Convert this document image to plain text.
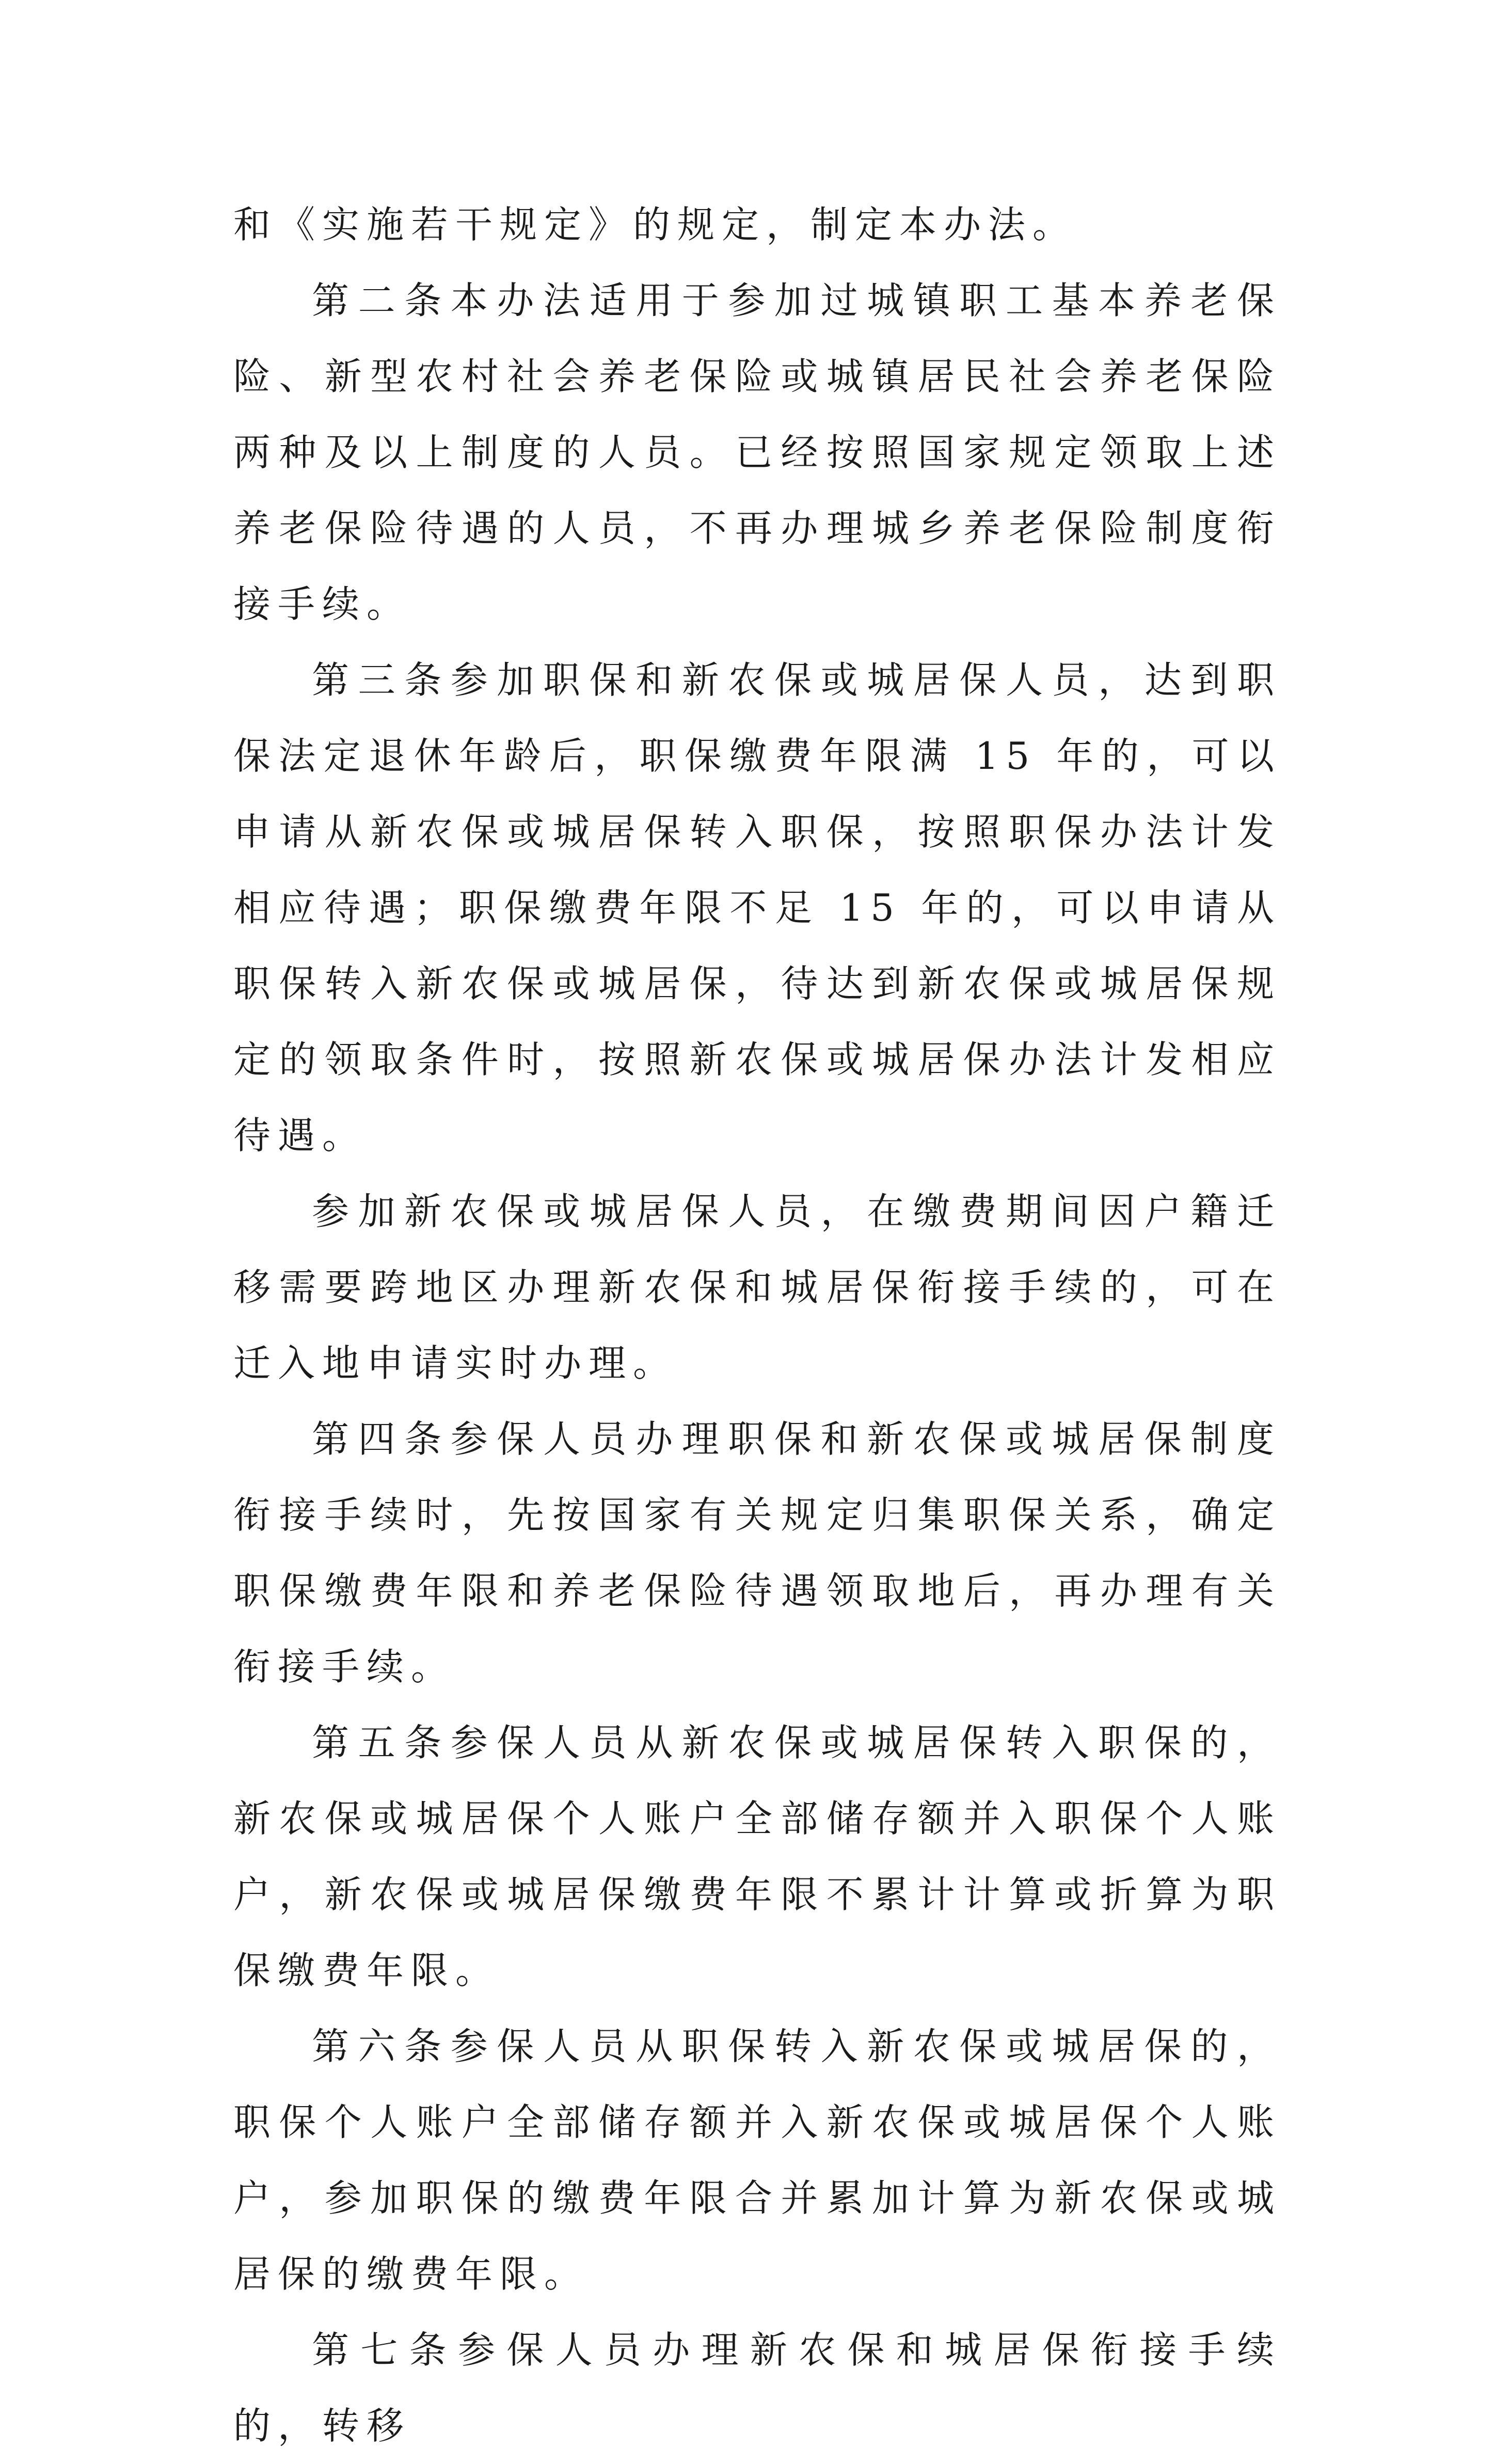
和《实施若干规定》的规定，制定本办法。

第二条本办法适用于参加过城镇职工基本养老保险、新型农村社会养老保险或城镇居民社会养老保险两种及以上制度的人员。已经按照国家规定领取上述养老保险待遇的人员，不再办理城乡养老保险制度衔接手续。

第三条参加职保和新农保或城居保人员，达到职保法定退休年龄后，职保缴费年限满 15 年的，可以申请从新农保或城居保转入职保，按照职保办法计发相应待遇；职保缴费年限不足 15 年的，可以申请从职保转入新农保或城居保，待达到新农保或城居保规定的领取条件时，按照新农保或城居保办法计发相应待遇。

参加新农保或城居保人员，在缴费期间因户籍迁移需要跨地区办理新农保和城居保衔接手续的，可在迁入地申请实时办理。

第四条参保人员办理职保和新农保或城居保制度衔接手续时，先按国家有关规定归集职保关系，确定职保缴费年限和养老保险待遇领取地后，再办理有关衔接手续。

第五条参保人员从新农保或城居保转入职保的，新农保或城居保个人账户全部储存额并入职保个人账户，新农保或城居保缴费年限不累计计算或折算为职保缴费年限。

第六条参保人员从职保转入新农保或城居保的，职保个人账户全部储存额并入新农保或城居保个人账户，参加职保的缴费年限合并累加计算为新农保或城居保的缴费年限。

第七条参保人员办理新农保和城居保衔接手续的，转移
